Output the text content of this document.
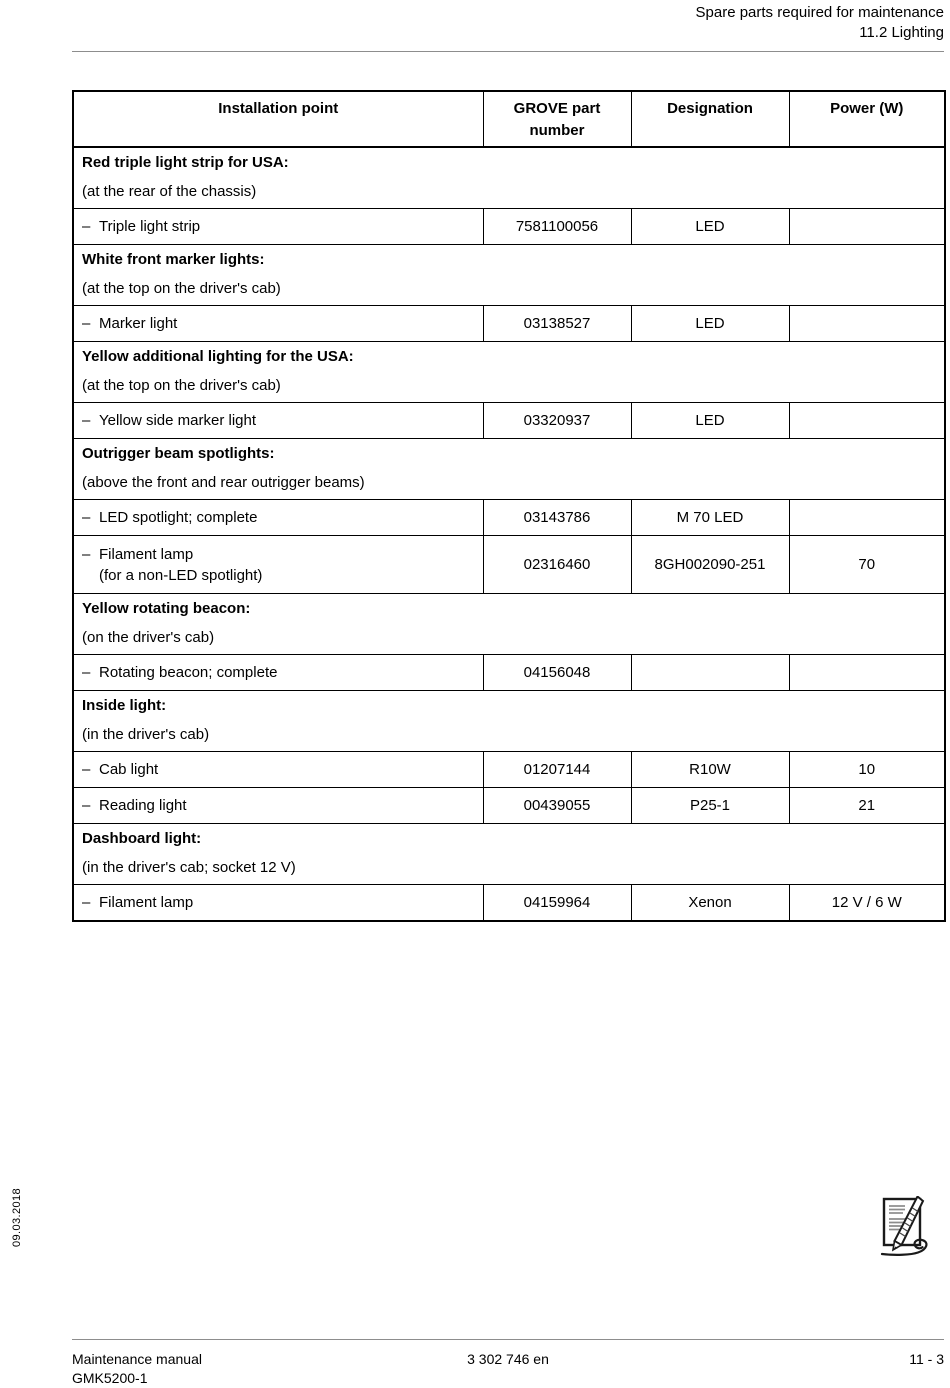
Spare parts required for maintenance
11.2 Lighting
Installation point	GROVE part number	Designation	Power (W)

Red triple light strip for USA:
(at the rear of the chassis)			

– Triple light strip	7581100056	LED	

White front marker lights:
(at the top on the driver's cab)			

– Marker light	03138527	LED	

Yellow additional lighting for the USA:
(at the top on the driver's cab)			

– Yellow side marker light	03320937	LED	

Outrigger beam spotlights:
(above the front and rear outrigger beams)			

– LED spotlight; complete	03143786	M 70 LED	

– Filament lamp
(for a non-LED spotlight)	02316460	8GH002090-251	70

Yellow rotating beacon:
(on the driver's cab)			

– Rotating beacon; complete	04156048		

Inside light:
(in the driver's cab)			

– Cab light	01207144	R10W	10
– Reading light	00439055	P25-1	21

Dashboard light:
(in the driver's cab; socket 12 V)			

– Filament lamp	04159964	Xenon	12 V / 6 W
09.03.2018
Maintenance manual
GMK5200-1
3 302 746 en	11 - 3
